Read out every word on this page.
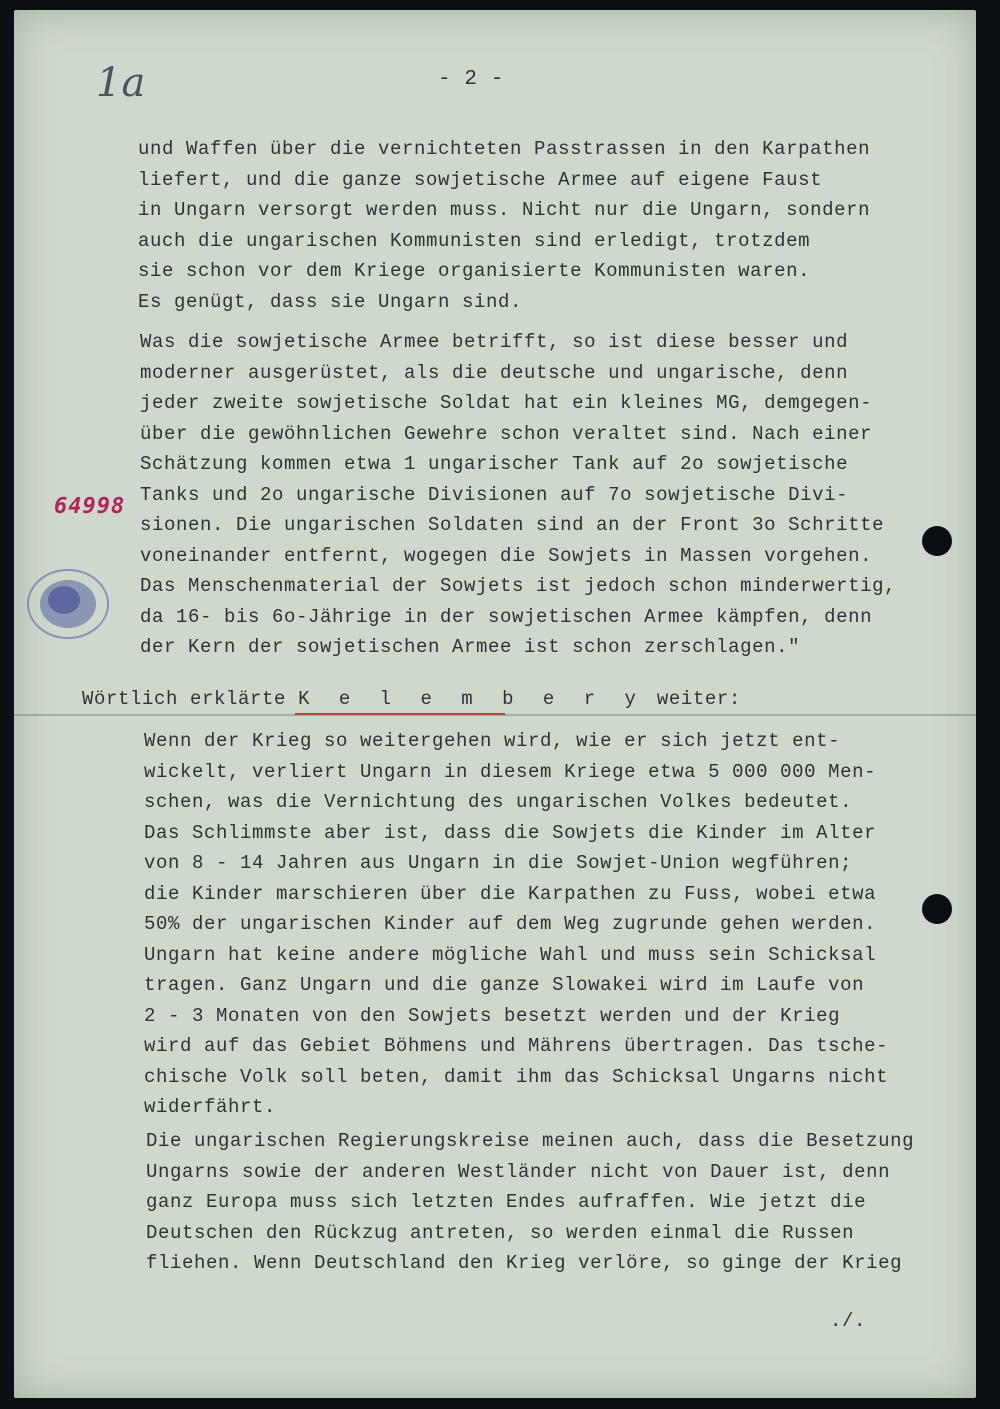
1a	- 2 -
64998
und Waffen über die vernichteten Passtrassen in den Karpathen
liefert, und die ganze sowjetische Armee auf eigene Faust
in Ungarn versorgt werden muss. Nicht nur die Ungarn, sondern
auch die ungarischen Kommunisten sind erledigt, trotzdem
sie schon vor dem Kriege organisierte Kommunisten waren.
Es genügt, dass sie Ungarn sind.
Was die sowjetische Armee betrifft, so ist diese besser und
moderner ausgerüstet, als die deutsche und ungarische, denn
jeder zweite sowjetische Soldat hat ein kleines MG, demgegen-
über die gewöhnlichen Gewehre schon veraltet sind. Nach einer
Schätzung kommen etwa 1 ungarischer Tank auf 2o sowjetische
Tanks und 2o ungarische Divisionen auf 7o sowjetische Divi-
sionen. Die ungarischen Soldaten sind an der Front 3o Schritte
voneinander entfernt, wogegen die Sowjets in Massen vorgehen.
Das Menschenmaterial der Sowjets ist jedoch schon minderwertig,
da 16- bis 6o-Jährige in der sowjetischen Armee kämpfen, denn
der Kern der sowjetischen Armee ist schon zerschlagen."
Wörtlich erklärte K e l e m b e r y weiter:
Wenn der Krieg so weitergehen wird, wie er sich jetzt ent-
wickelt, verliert Ungarn in diesem Kriege etwa 5 000 000 Men-
schen, was die Vernichtung des ungarischen Volkes bedeutet.
Das Schlimmste aber ist, dass die Sowjets die Kinder im Alter
von 8 - 14 Jahren aus Ungarn in die Sowjet-Union wegführen;
die Kinder marschieren über die Karpathen zu Fuss, wobei etwa
50% der ungarischen Kinder auf dem Weg zugrunde gehen werden.
Ungarn hat keine andere mögliche Wahl und muss sein Schicksal
tragen. Ganz Ungarn und die ganze Slowakei wird im Laufe von
2 - 3 Monaten von den Sowjets besetzt werden und der Krieg
wird auf das Gebiet Böhmens und Mährens übertragen. Das tsche-
chische Volk soll beten, damit ihm das Schicksal Ungarns nicht
widerfährt.
Die ungarischen Regierungskreise meinen auch, dass die Besetzung
Ungarns sowie der anderen Westländer nicht von Dauer ist, denn
ganz Europa muss sich letzten Endes aufraffen. Wie jetzt die
Deutschen den Rückzug antreten, so werden einmal die Russen
fliehen. Wenn Deutschland den Krieg verlöre, so ginge der Krieg
./.
